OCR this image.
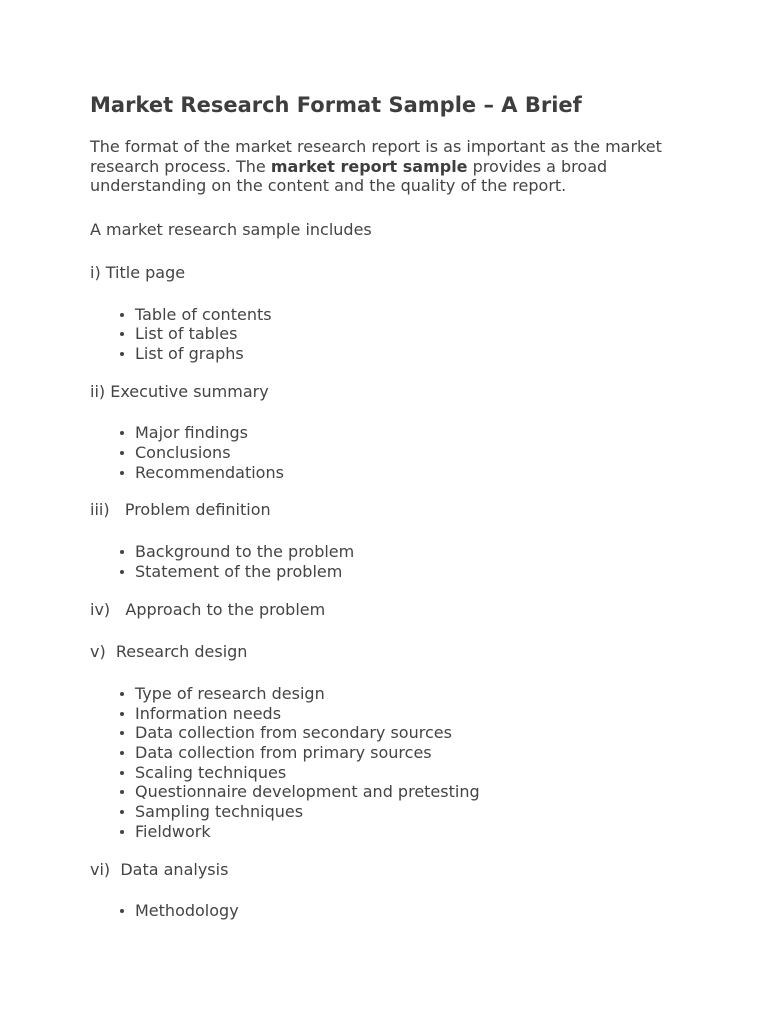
Market Research Format Sample – A Brief

The format of the market research report is as important as the market research process. The market report sample provides a broad understanding on the content and the quality of the report.

A market research sample includes

i) Title page

Table of contents
List of tables
List of graphs

ii) Executive summary

Major findings
Conclusions
Recommendations

iii)   Problem definition

Background to the problem
Statement of the problem

iv)   Approach to the problem

v)  Research design

Type of research design
Information needs
Data collection from secondary sources
Data collection from primary sources
Scaling techniques
Questionnaire development and pretesting
Sampling techniques
Fieldwork

vi)  Data analysis

Methodology
